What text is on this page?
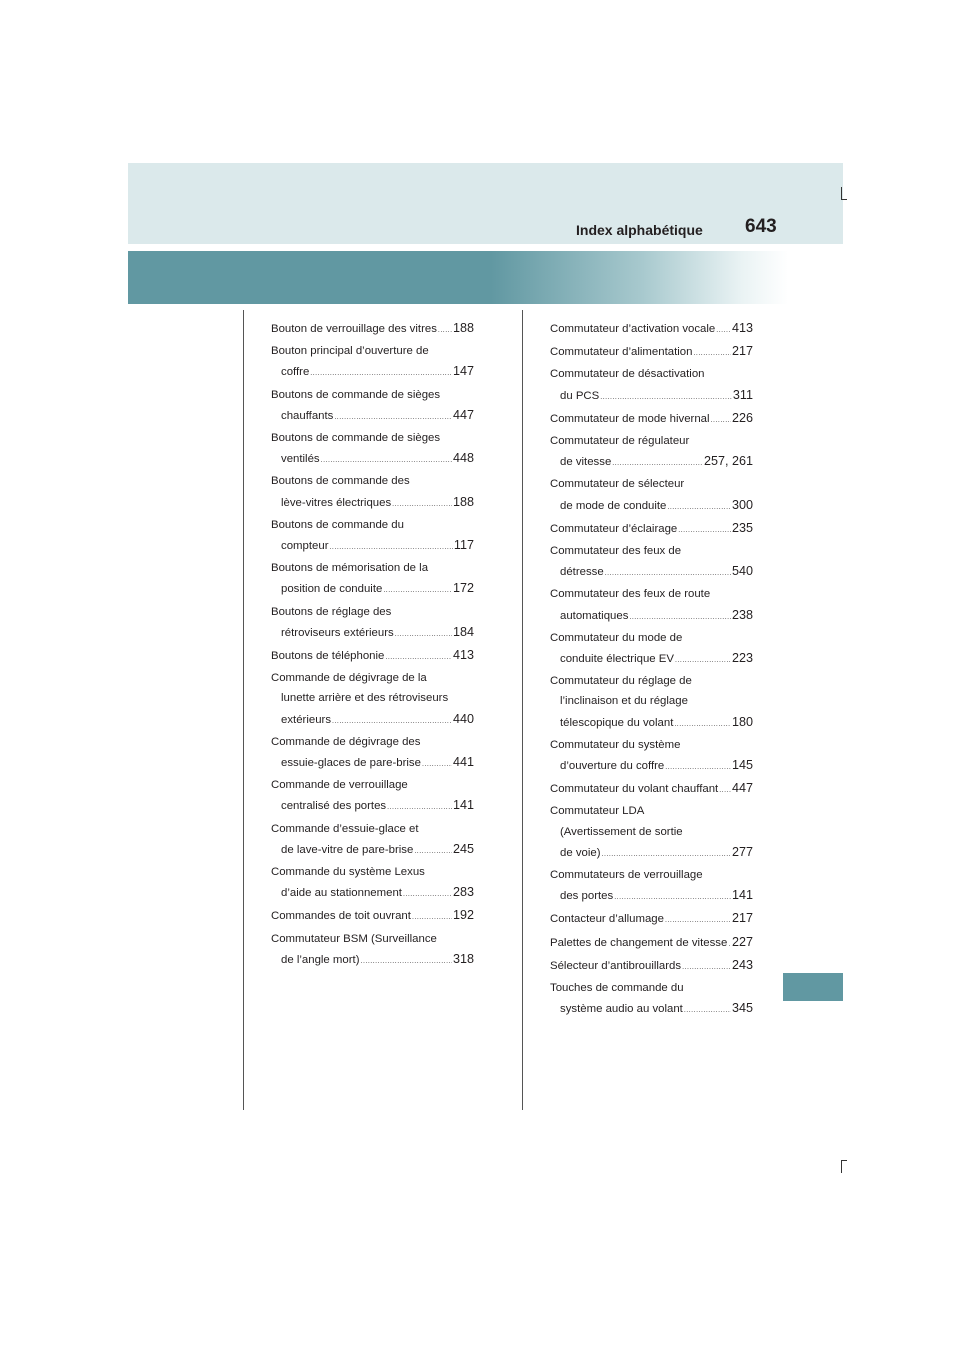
Index alphabétique 643
Bouton de verrouillage des vitres ..... 188
Bouton principal d’ouverture de
coffre .....	147
Boutons de commande de sièges
chauffants .....	447
Boutons de commande de sièges
ventilés .....	448
Boutons de commande des
lève-vitres électriques .....	188
Boutons de commande du
compteur .....	117
Boutons de mémorisation de la
position de conduite .....	172
Boutons de réglage des
rétroviseurs extérieurs .....	184
Boutons de téléphonie .....	413
Commande de dégivrage de la
lunette arrière et des rétroviseurs
extérieurs .....	440
Commande de dégivrage des
essuie-glaces de pare-brise .....	441
Commande de verrouillage
centralisé des portes .....	141
Commande d’essuie-glace et
de lave-vitre de pare-brise .....	245
Commande du système Lexus
d’aide au stationnement .....	283
Commandes de toit ouvrant .....	192
Commutateur BSM (Surveillance
de l’angle mort) .....	318
Commutateur d’activation vocale ..... 413
Commutateur d’alimentation .....	217
Commutateur de désactivation
du PCS .....	311
Commutateur de mode hivernal ..... 226
Commutateur de régulateur
de vitesse .....	257, 261
Commutateur de sélecteur
de mode de conduite .....	300
Commutateur d’éclairage .....	235
Commutateur des feux de
détresse .....	540
Commutateur des feux de route
automatiques .....	238
Commutateur du mode de
conduite électrique EV .....	223
Commutateur du réglage de
l’inclinaison et du réglage
télescopique du volant .....	180
Commutateur du système
d’ouverture du coffre .....	145
Commutateur du volant chauffant ..... 447
Commutateur LDA
(Avertissement de sortie
de voie) .....	277
Commutateurs de verrouillage
des portes .....	141
Contacteur d’allumage .....	217
Palettes de changement de vitesse ..... 227
Sélecteur d’antibrouillards .....	243
Touches de commande du
système audio au volant .....	345
